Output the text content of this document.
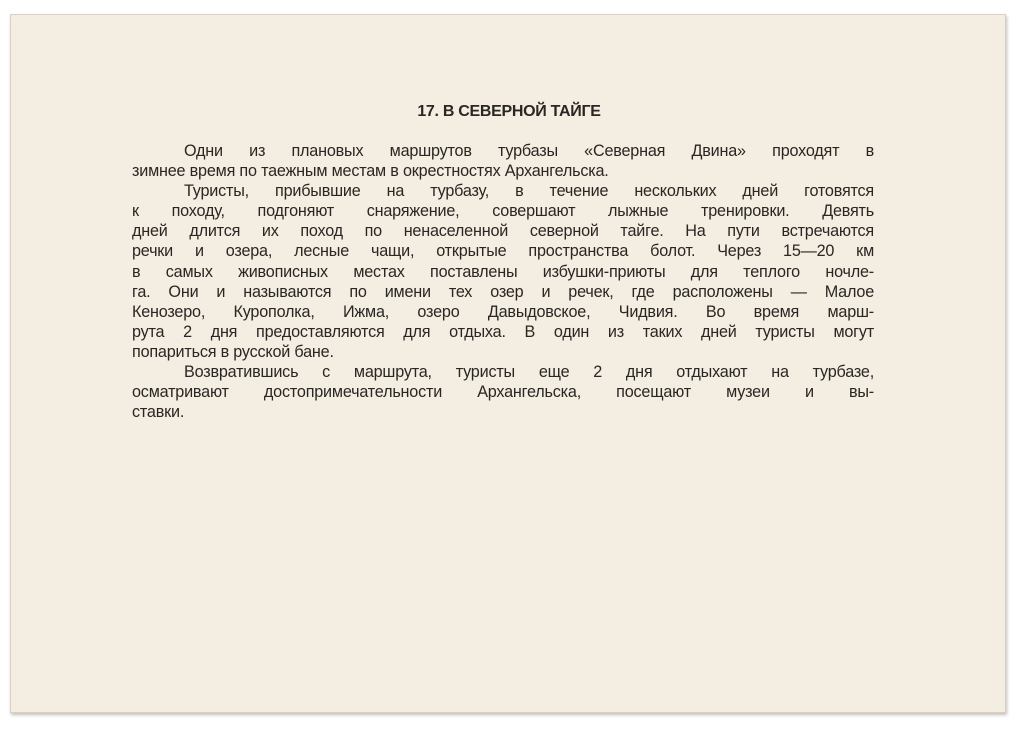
17. В СЕВЕРНОЙ ТАЙГЕ
Одни из плановых маршрутов турбазы «Северная Двина» проходят в
зимнее время по таежным местам в окрестностях Архангельска.
Туристы, прибывшие на турбазу, в течение нескольких дней готовятся
к походу, подгоняют снаряжение, совершают лыжные тренировки. Девять
дней длится их поход по ненаселенной северной тайге. На пути встречаются
речки и озера, лесные чащи, открытые пространства болот. Через 15—20 км
в самых живописных местах поставлены избушки-приюты для теплого ночле-
га. Они и называются по имени тех озер и речек, где расположены — Малое
Кенозеро, Курополка, Ижма, озеро Давыдовское, Чидвия. Во время марш-
рута 2 дня предоставляются для отдыха. В один из таких дней туристы могут
попариться в русской бане.
Возвратившись с маршрута, туристы еще 2 дня отдыхают на турбазе,
осматривают достопримечательности Архангельска, посещают музеи и вы-
ставки.
